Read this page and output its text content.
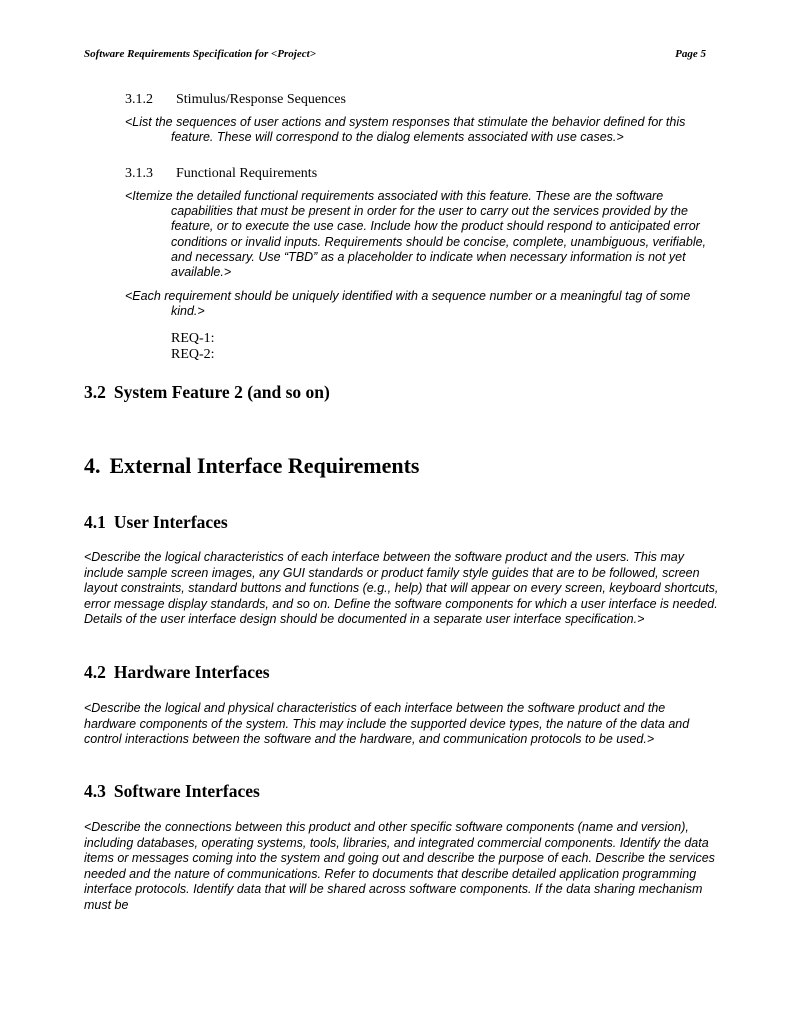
Software Requirements Specification for <Project>	Page 5
3.1.2 Stimulus/Response Sequences

<List the sequences of user actions and system responses that stimulate the behavior defined for this feature. These will correspond to the dialog elements associated with use cases.>

3.1.3 Functional Requirements

<Itemize the detailed functional requirements associated with this feature. These are the software capabilities that must be present in order for the user to carry out the services provided by the feature, or to execute the use case. Include how the product should respond to anticipated error conditions or invalid inputs. Requirements should be concise, complete, unambiguous, verifiable, and necessary. Use “TBD” as a placeholder to indicate when necessary information is not yet available.>

<Each requirement should be uniquely identified with a sequence number or a meaningful tag of some kind.>

REQ-1:
REQ-2:
3.2 System Feature 2 (and so on)
4. External Interface Requirements
4.1 User Interfaces

<Describe the logical characteristics of each interface between the software product and the users. This may include sample screen images, any GUI standards or product family style guides that are to be followed, screen layout constraints, standard buttons and functions (e.g., help) that will appear on every screen, keyboard shortcuts, error message display standards, and so on. Define the software components for which a user interface is needed. Details of the user interface design should be documented in a separate user interface specification.>

4.2 Hardware Interfaces

<Describe the logical and physical characteristics of each interface between the software product and the hardware components of the system. This may include the supported device types, the nature of the data and control interactions between the software and the hardware, and communication protocols to be used.>

4.3 Software Interfaces

<Describe the connections between this product and other specific software components (name and version), including databases, operating systems, tools, libraries, and integrated commercial components. Identify the data items or messages coming into the system and going out and describe the purpose of each. Describe the services needed and the nature of communications. Refer to documents that describe detailed application programming interface protocols. Identify data that will be shared across software components. If the data sharing mechanism must be
